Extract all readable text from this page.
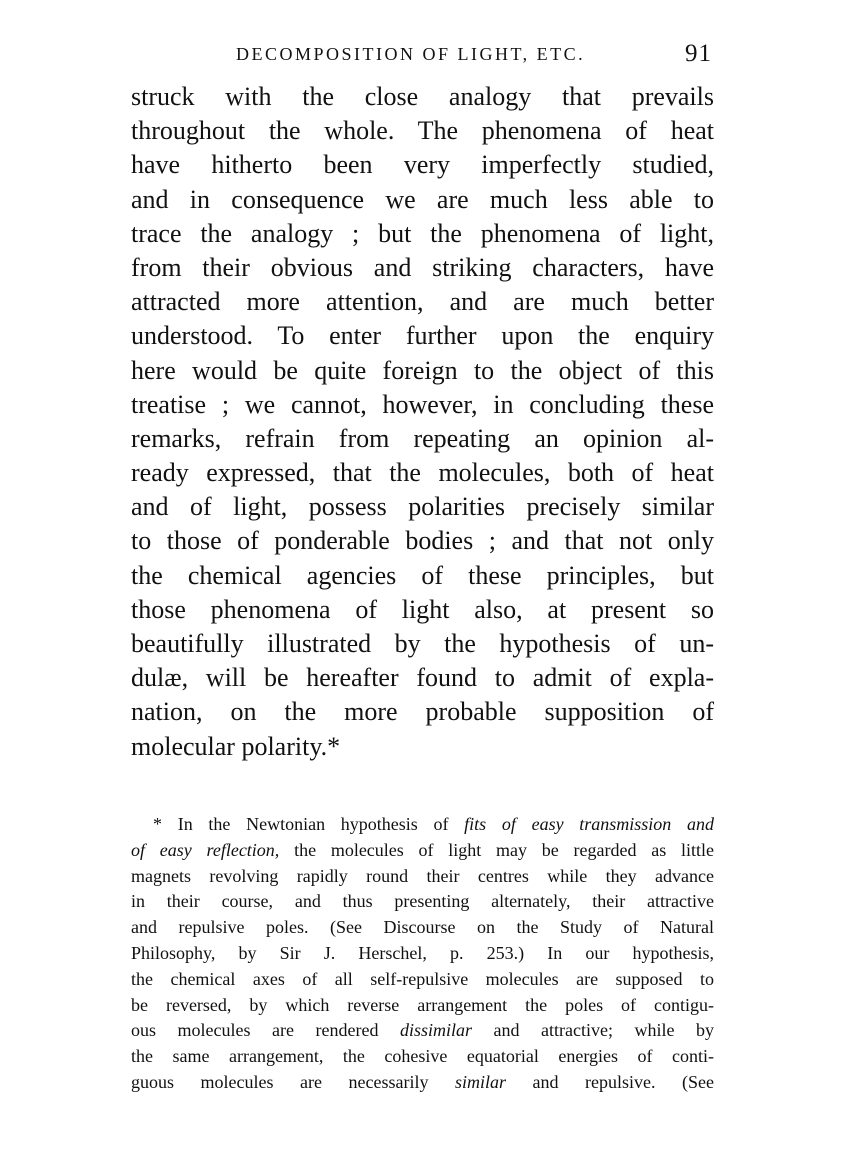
DECOMPOSITION OF LIGHT, ETC.	91
struck with the close analogy that prevails
throughout the whole. The phenomena of heat
have hitherto been very imperfectly studied,
and in consequence we are much less able to
trace the analogy ; but the phenomena of light,
from their obvious and striking characters, have
attracted more attention, and are much better
understood. To enter further upon the enquiry
here would be quite foreign to the object of this
treatise ; we cannot, however, in concluding these
remarks, refrain from repeating an opinion al-
ready expressed, that the molecules, both of heat
and of light, possess polarities precisely similar
to those of ponderable bodies ; and that not only
the chemical agencies of these principles, but
those phenomena of light also, at present so
beautifully illustrated by the hypothesis of un-
dulæ, will be hereafter found to admit of expla-
nation, on the more probable supposition of
molecular polarity.*
* In the Newtonian hypothesis of fits of easy transmission and
of easy reflection, the molecules of light may be regarded as little
magnets revolving rapidly round their centres while they advance
in their course, and thus presenting alternately, their attractive
and repulsive poles. (See Discourse on the Study of Natural
Philosophy, by Sir J. Herschel, p. 253.) In our hypothesis,
the chemical axes of all self-repulsive molecules are supposed to
be reversed, by which reverse arrangement the poles of contigu-
ous molecules are rendered dissimilar and attractive; while by
the same arrangement, the cohesive equatorial energies of conti-
guous molecules are necessarily similar and repulsive. (See
